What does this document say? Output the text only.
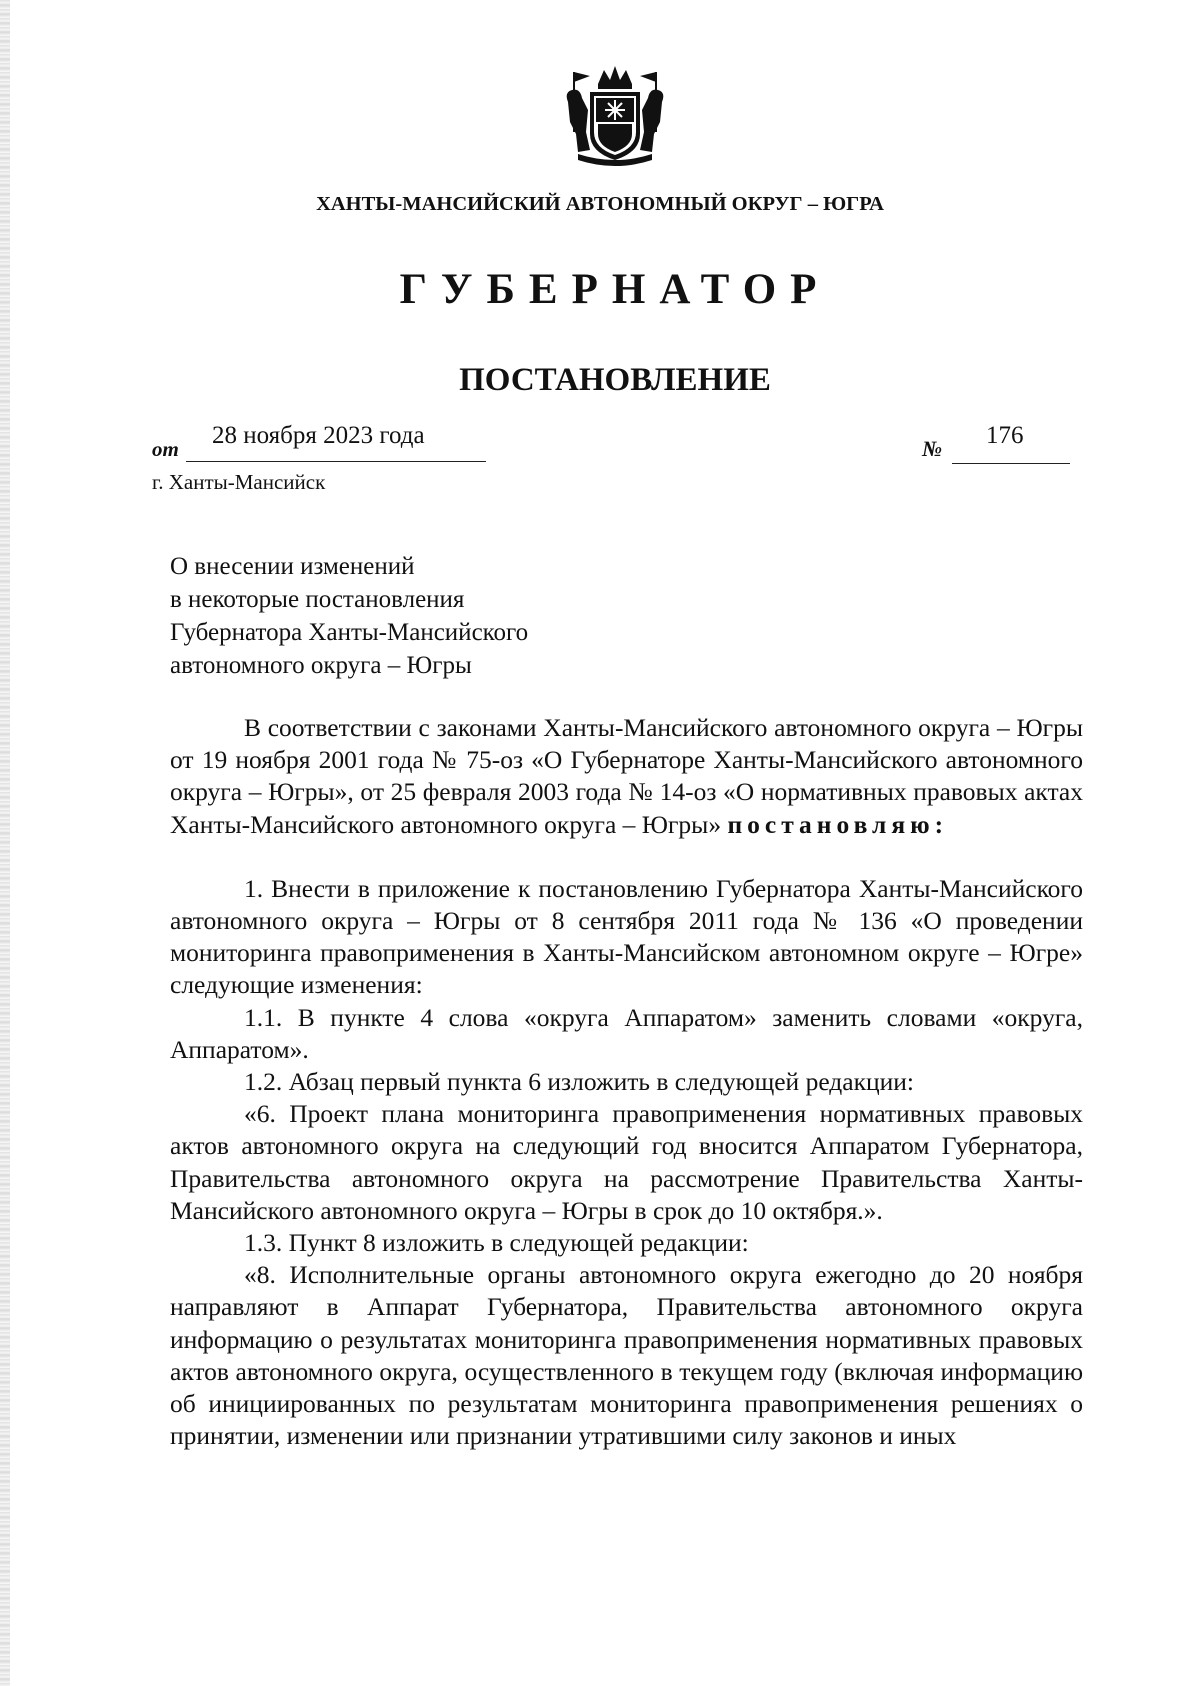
ХАНТЫ-МАНСИЙСКИЙ АВТОНОМНЫЙ ОКРУГ – ЮГРА
ГУБЕРНАТОР
ПОСТАНОВЛЕНИЕ
от 28 ноября 2023 года	№ 176
г. Ханты-Мансийск
О внесении изменений
в некоторые постановления
Губернатора Ханты-Мансийского
автономного округа – Югры

В соответствии с законами Ханты-Мансийского автономного округа – Югры от 19 ноября 2001 года № 75-оз «О Губернаторе Ханты-Мансийского автономного округа – Югры», от 25 февраля 2003 года № 14-оз «О нормативных правовых актах Ханты-Мансийского автономного округа – Югры» постановляю:

1. Внести в приложение к постановлению Губернатора Ханты-Мансийского автономного округа – Югры от 8 сентября 2011 года № 136 «О проведении мониторинга правоприменения в Ханты-Мансийском автономном округе – Югре» следующие изменения:

1.1. В пункте 4 слова «округа Аппаратом» заменить словами «округа, Аппаратом».

1.2. Абзац первый пункта 6 изложить в следующей редакции:

«6. Проект плана мониторинга правоприменения нормативных правовых актов автономного округа на следующий год вносится Аппаратом Губернатора, Правительства автономного округа на рассмотрение Правительства Ханты-Мансийского автономного округа – Югры в срок до 10 октября.».

1.3. Пункт 8 изложить в следующей редакции:

«8. Исполнительные органы автономного округа ежегодно до 20 ноября направляют в Аппарат Губернатора, Правительства автономного округа информацию о результатах мониторинга правоприменения нормативных правовых актов автономного округа, осуществленного в текущем году (включая информацию об инициированных по результатам мониторинга правоприменения решениях о принятии, изменении или признании утратившими силу законов и иных
